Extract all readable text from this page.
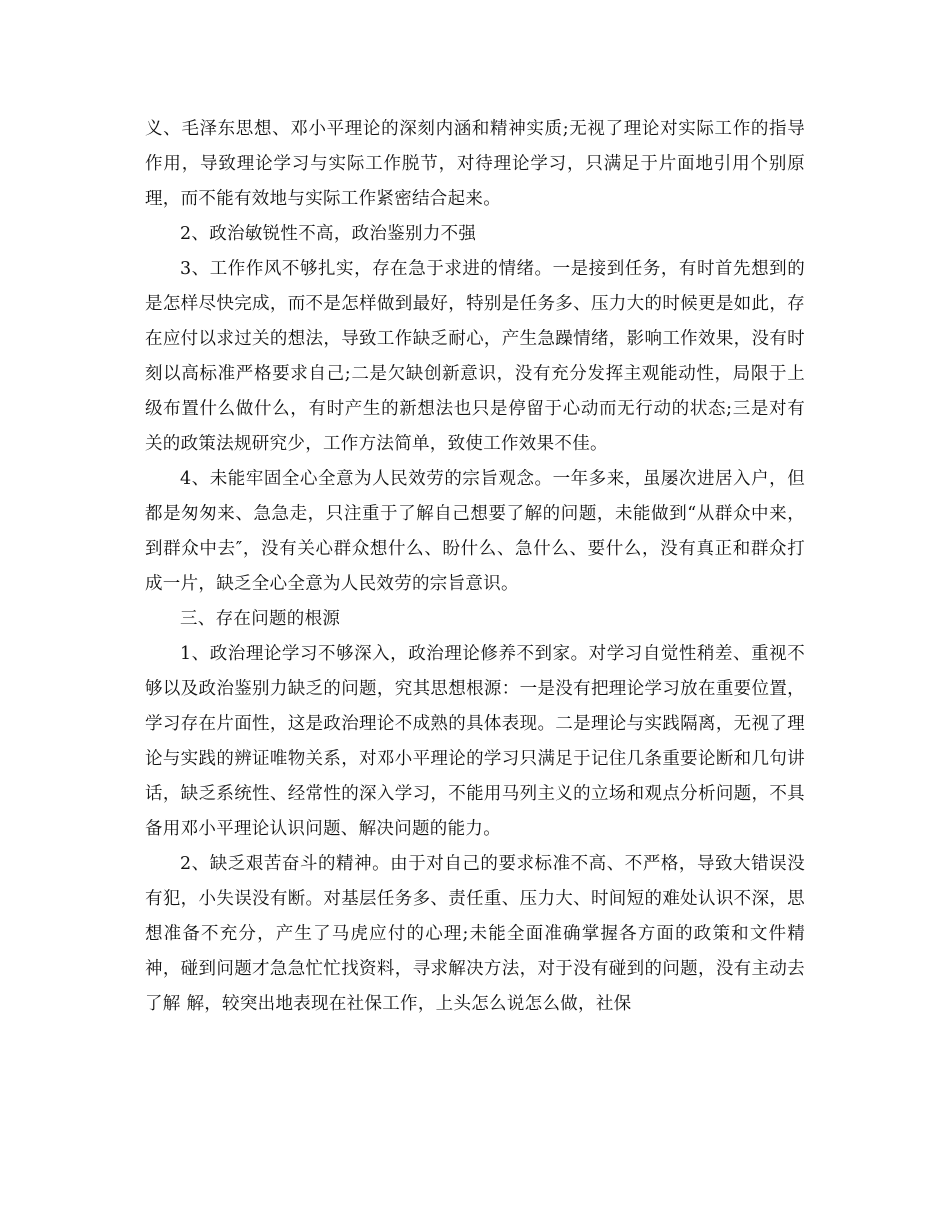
义、毛泽东思想、邓小平理论的深刻内涵和精神实质;无视了理论对实际工作的指导作用，导致理论学习与实际工作脱节，对待理论学习，只满足于片面地引用个别原理，而不能有效地与实际工作紧密结合起来。

2、政治敏锐性不高，政治鉴别力不强

3、工作作风不够扎实，存在急于求进的情绪。一是接到任务，有时首先想到的是怎样尽快完成，而不是怎样做到最好，特别是任务多、压力大的时候更是如此，存在应付以求过关的想法，导致工作缺乏耐心，产生急躁情绪，影响工作效果，没有时刻以高标准严格要求自己;二是欠缺创新意识，没有充分发挥主观能动性，局限于上级布置什么做什么，有时产生的新想法也只是停留于心动而无行动的状态;三是对有关的政策法规研究少，工作方法简单，致使工作效果不佳。

4、未能牢固全心全意为人民效劳的宗旨观念。一年多来，虽屡次进居入户，但都是匆匆来、急急走，只注重于了解自己想要了解的问题，未能做到“从群众中来，到群众中去″，没有关心群众想什么、盼什么、急什么、要什么，没有真正和群众打成一片，缺乏全心全意为人民效劳的宗旨意识。

三、存在问题的根源

1、政治理论学习不够深入，政治理论修养不到家。对学习自觉性稍差、重视不够以及政治鉴别力缺乏的问题，究其思想根源：一是没有把理论学习放在重要位置，学习存在片面性，这是政治理论不成熟的具体表现。二是理论与实践隔离，无视了理论与实践的辨证唯物关系，对邓小平理论的学习只满足于记住几条重要论断和几句讲话，缺乏系统性、经常性的深入学习，不能用马列主义的立场和观点分析问题，不具备用邓小平理论认识问题、解决问题的能力。

2、缺乏艰苦奋斗的精神。由于对自己的要求标准不高、不严格，导致大错误没有犯，小失误没有断。对基层任务多、责任重、压力大、时间短的难处认识不深，思想准备不充分，产生了马虎应付的心理;未能全面准确掌握各方面的政策和文件精神，碰到问题才急急忙忙找资料，寻求解决方法，对于没有碰到的问题，没有主动去了解 解，较突出地表现在社保工作，上头怎么说怎么做，社保
